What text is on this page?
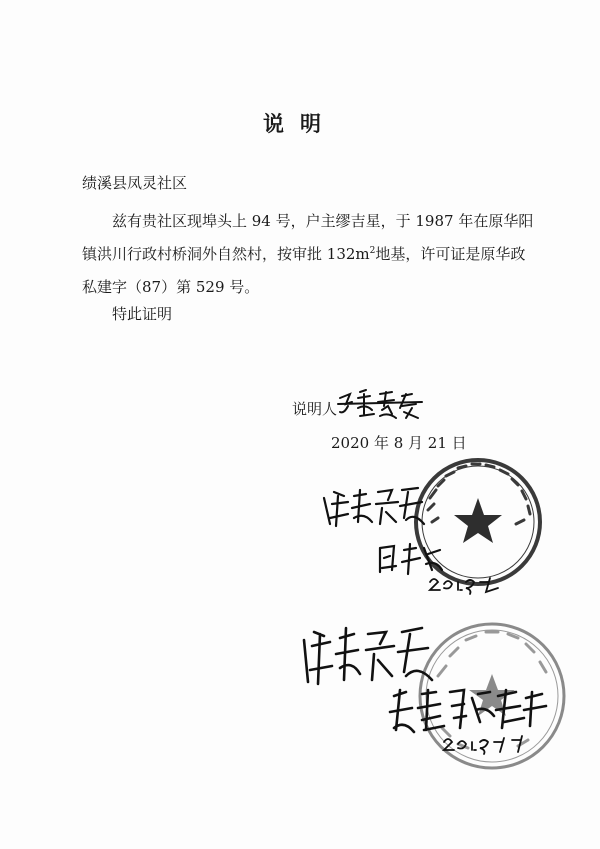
说明
绩溪县凤灵社区
兹有贵社区现埠头上 94 号，户主缪吉星，于 1987 年在原华阳镇洪川行政村桥洞外自然村，按审批 $132m^2$地基，许可证是原华政私建字（87）第 529 号。
特此证明
说明人
2020 年 8 月 21 日
